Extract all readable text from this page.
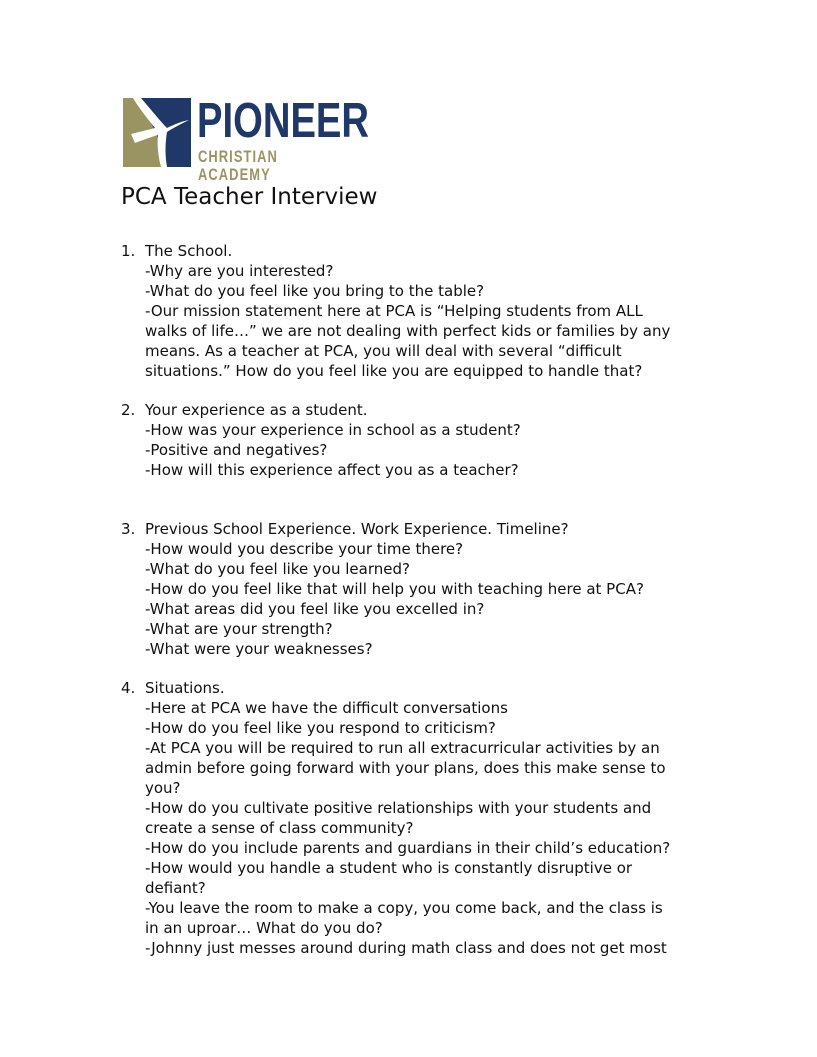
PIONEER
CHRISTIAN ACADEMY
PCA Teacher Interview
1. The School.
-Why are you interested?
-What do you feel like you bring to the table?
-Our mission statement here at PCA is “Helping students from ALL
walks of life…” we are not dealing with perfect kids or families by any
means. As a teacher at PCA, you will deal with several “difficult
situations.” How do you feel like you are equipped to handle that?
2. Your experience as a student.
-How was your experience in school as a student?
-Positive and negatives?
-How will this experience affect you as a teacher?
3. Previous School Experience. Work Experience. Timeline?
-How would you describe your time there?
-What do you feel like you learned?
-How do you feel like that will help you with teaching here at PCA?
-What areas did you feel like you excelled in?
-What are your strength?
-What were your weaknesses?
4. Situations.
-Here at PCA we have the difficult conversations
-How do you feel like you respond to criticism?
-At PCA you will be required to run all extracurricular activities by an
admin before going forward with your plans, does this make sense to
you?
-How do you cultivate positive relationships with your students and
create a sense of class community?
-How do you include parents and guardians in their child’s education?
-How would you handle a student who is constantly disruptive or
defiant?
-You leave the room to make a copy, you come back, and the class is
in an uproar… What do you do?
-Johnny just messes around during math class and does not get most
